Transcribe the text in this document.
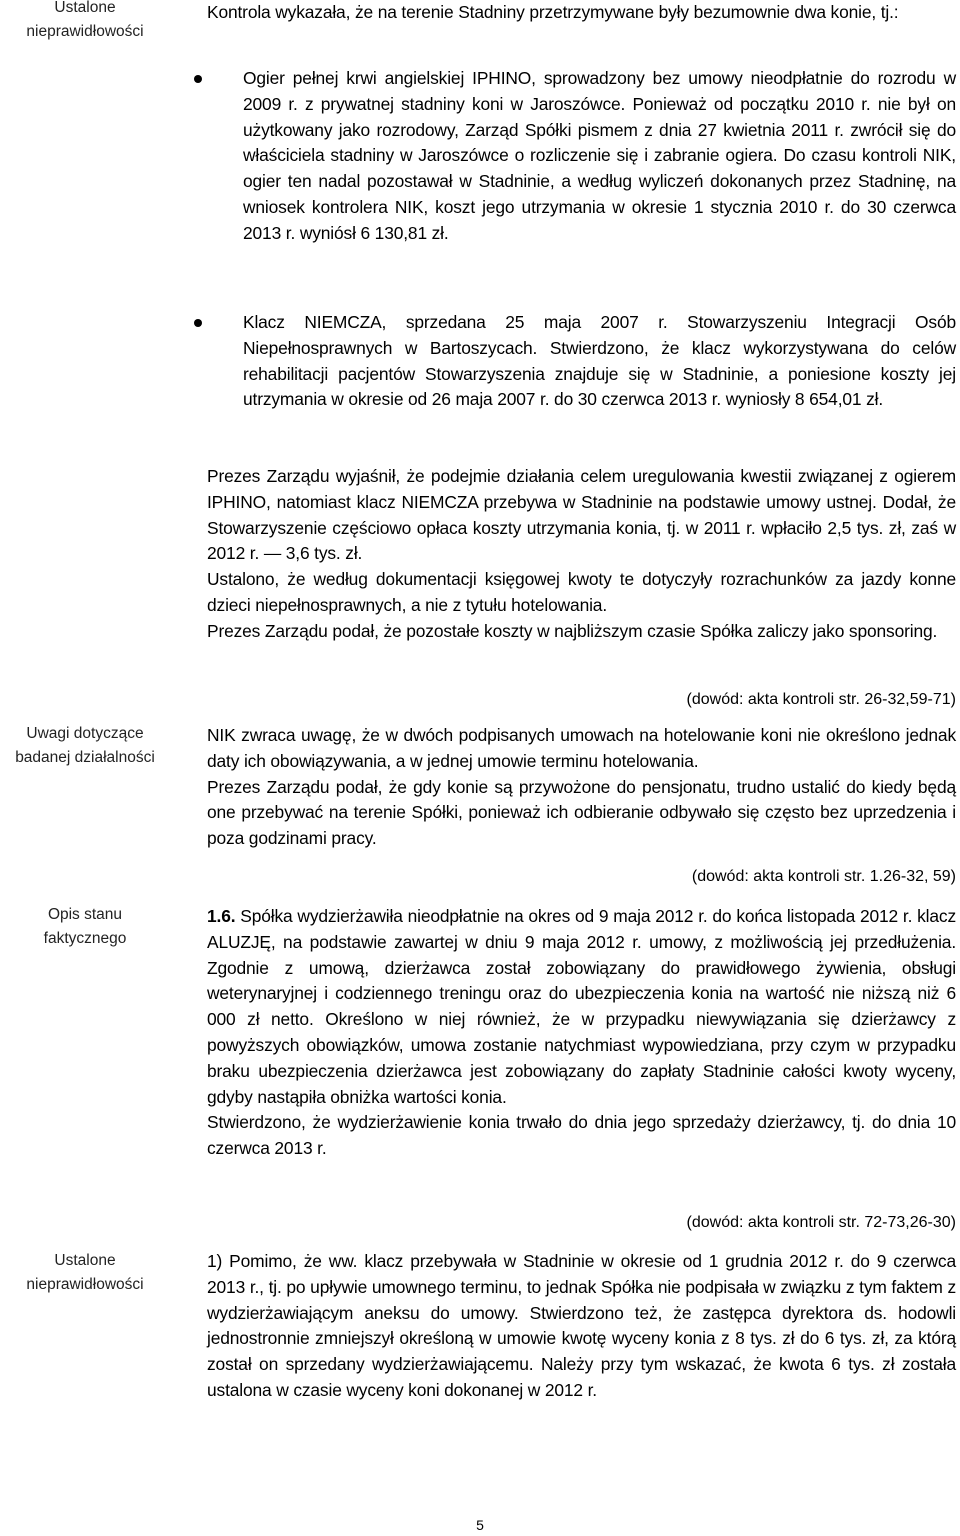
Ustalone
nieprawidłowości
Uwagi dotyczące
badanej działalności
Opis stanu
faktycznego
Ustalone
nieprawidłowości

Kontrola wykazała, że na terenie Stadniny przetrzymywane były bezumownie dwa konie, tj.:

Ogier pełnej krwi angielskiej IPHINO, sprowadzony bez umowy nieodpłatnie do rozrodu w 2009 r. z prywatnej stadniny koni w Jaroszówce. Ponieważ od początku 2010 r. nie był on użytkowany jako rozrodowy, Zarząd Spółki pismem z dnia 27 kwietnia 2011 r. zwrócił się do właściciela stadniny w Jaroszówce o rozliczenie się i zabranie ogiera. Do czasu kontroli NIK, ogier ten nadal pozostawał w Stadninie, a według wyliczeń dokonanych przez Stadninę, na wniosek kontrolera NIK, koszt jego utrzymania w okresie 1 stycznia 2010 r. do 30 czerwca 2013 r. wyniósł 6 130,81 zł.

Klacz NIEMCZA, sprzedana 25 maja 2007 r. Stowarzyszeniu Integracji Osób Niepełnosprawnych w Bartoszycach. Stwierdzono, że klacz wykorzystywana do celów rehabilitacji pacjentów Stowarzyszenia znajduje się w Stadninie, a poniesione koszty jej utrzymania w okresie od 26 maja 2007 r. do 30 czerwca 2013 r. wyniosły 8 654,01 zł.

Prezes Zarządu wyjaśnił, że podejmie działania celem uregulowania kwestii związanej z ogierem IPHINO, natomiast klacz NIEMCZA przebywa w Stadninie na podstawie umowy ustnej. Dodał, że Stowarzyszenie częściowo opłaca koszty utrzymania konia, tj. w 2011 r. wpłaciło 2,5 tys. zł, zaś w 2012 r. — 3,6 tys. zł.

Ustalono, że według dokumentacji księgowej kwoty te dotyczyły rozrachunków za jazdy konne dzieci niepełnosprawnych, a nie z tytułu hotelowania.

Prezes Zarządu podał, że pozostałe koszty w najbliższym czasie Spółka zaliczy jako sponsoring.

(dowód: akta kontroli str. 26-32,59-71)

NIK zwraca uwagę, że w dwóch podpisanych umowach na hotelowanie koni nie określono jednak daty ich obowiązywania, a w jednej umowie terminu hotelowania.

Prezes Zarządu podał, że gdy konie są przywożone do pensjonatu, trudno ustalić do kiedy będą one przebywać na terenie Spółki, ponieważ ich odbieranie odbywało się często bez uprzedzenia i poza godzinami pracy.

(dowód: akta kontroli str. 1.26-32, 59)

1.6. Spółka wydzierżawiła nieodpłatnie na okres od 9 maja 2012 r. do końca listopada 2012 r. klacz ALUZJĘ, na podstawie zawartej w dniu 9 maja 2012 r. umowy, z możliwością jej przedłużenia. Zgodnie z umową, dzierżawca został zobowiązany do prawidłowego żywienia, obsługi weterynaryjnej i codziennego treningu oraz do ubezpieczenia konia na wartość nie niższą niż 6 000 zł netto. Określono w niej również, że w przypadku niewywiązania się dzierżawcy z powyższych obowiązków, umowa zostanie natychmiast wypowiedziana, przy czym w przypadku braku ubezpieczenia dzierżawca jest zobowiązany do zapłaty Stadninie całości kwoty wyceny, gdyby nastąpiła obniżka wartości konia.

Stwierdzono, że wydzierżawienie konia trwało do dnia jego sprzedaży dzierżawcy, tj. do dnia 10 czerwca 2013 r.

(dowód: akta kontroli str. 72-73,26-30)

1) Pomimo, że ww. klacz przebywała w Stadninie w okresie od 1 grudnia 2012 r. do 9 czerwca 2013 r., tj. po upływie umownego terminu, to jednak Spółka nie podpisała w związku z tym faktem z wydzierżawiającym aneksu do umowy. Stwierdzono też, że zastępca dyrektora ds. hodowli jednostronnie zmniejszył określoną w umowie kwotę wyceny konia z 8 tys. zł do 6 tys. zł, za którą został on sprzedany wydzierżawiającemu. Należy przy tym wskazać, że kwota 6 tys. zł została ustalona w czasie wyceny koni dokonanej w 2012 r.

5
